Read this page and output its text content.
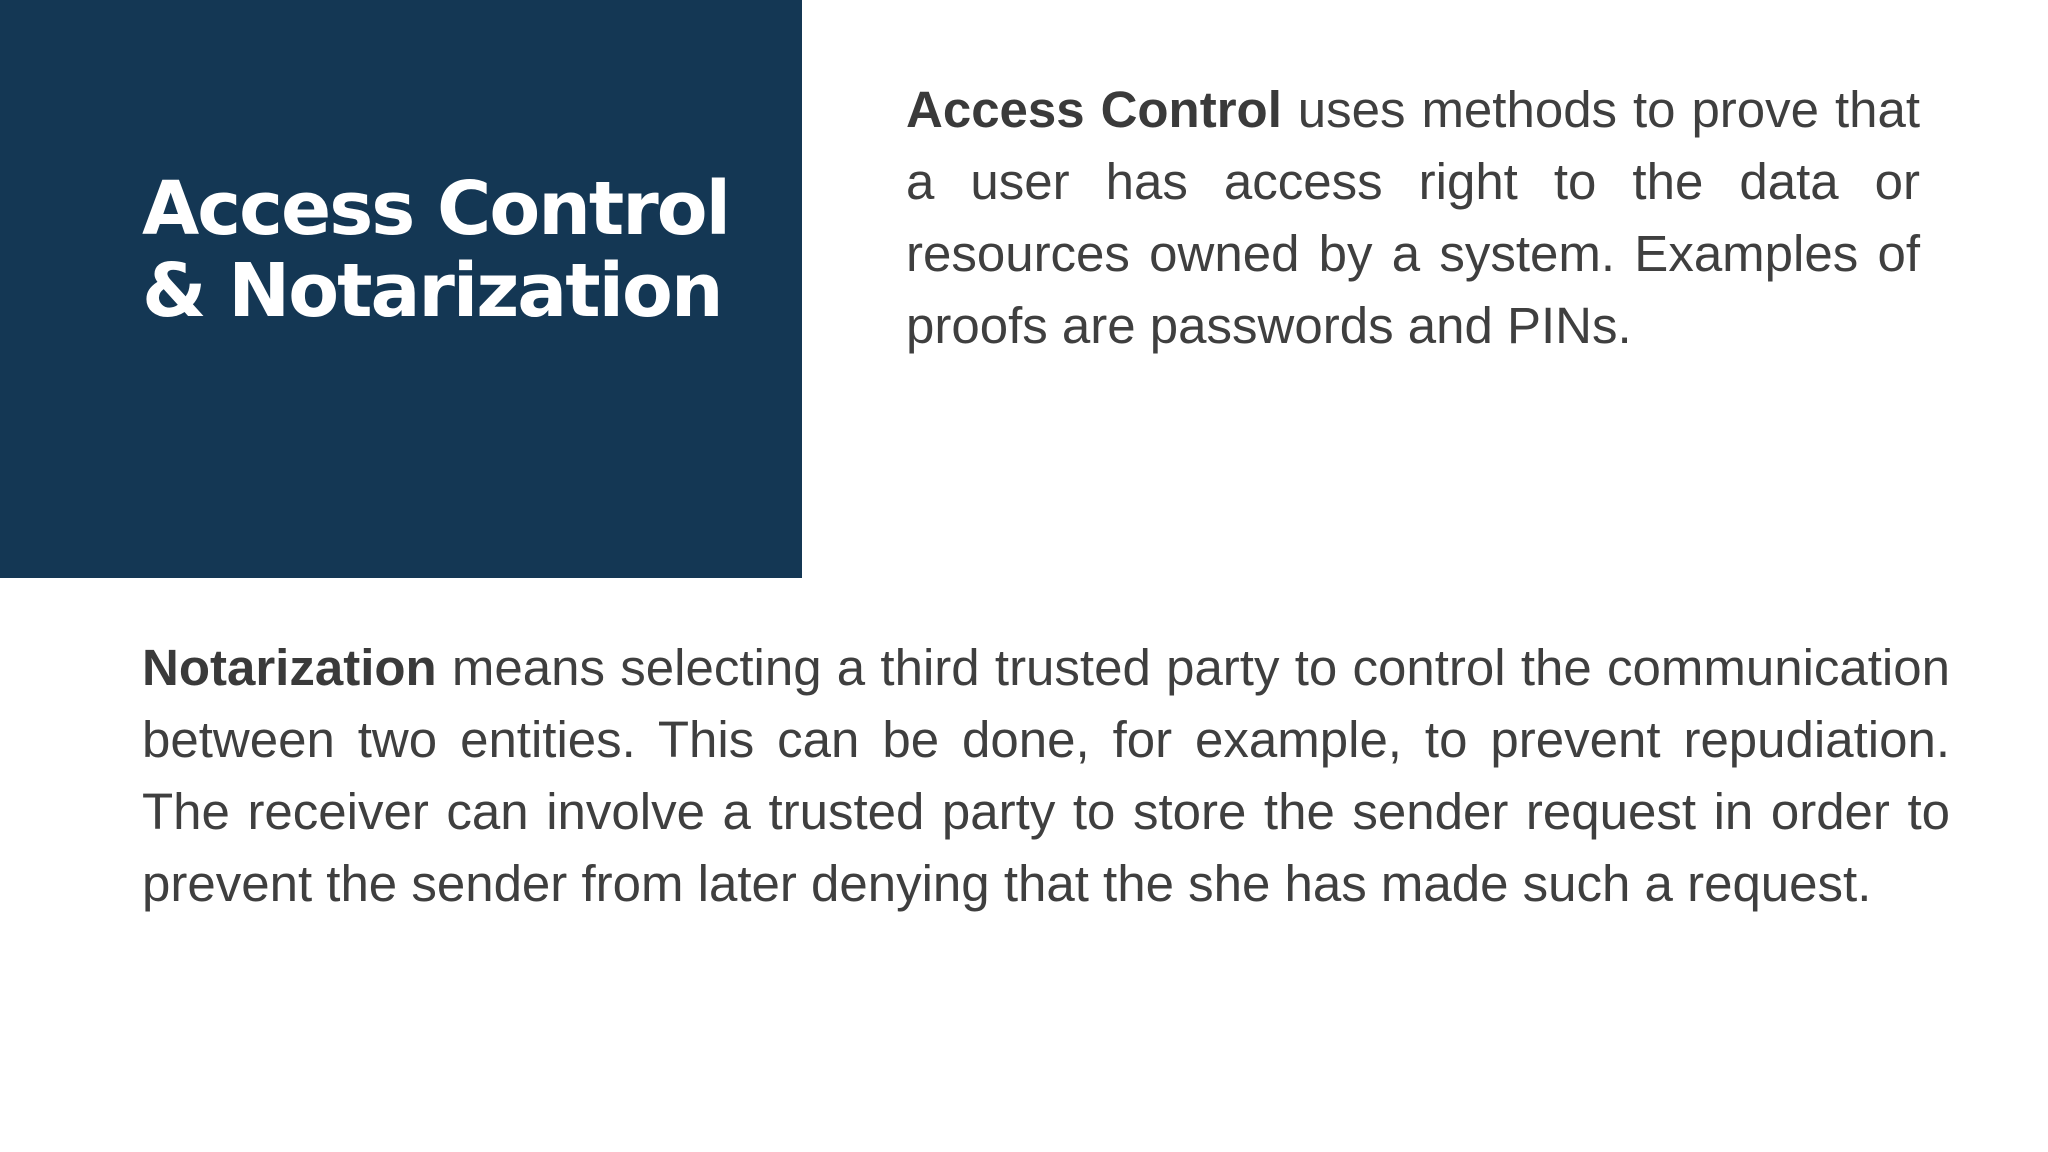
Access Control & Notarization

Access Control uses methods to prove that a user has access right to the data or resources owned by a system. Examples of proofs are passwords and PINs.

Notarization means selecting a third trusted party to control the communication between two entities. This can be done, for example, to prevent repudiation. The receiver can involve a trusted party to store the sender request in order to prevent the sender from later denying that the she has made such a request.
